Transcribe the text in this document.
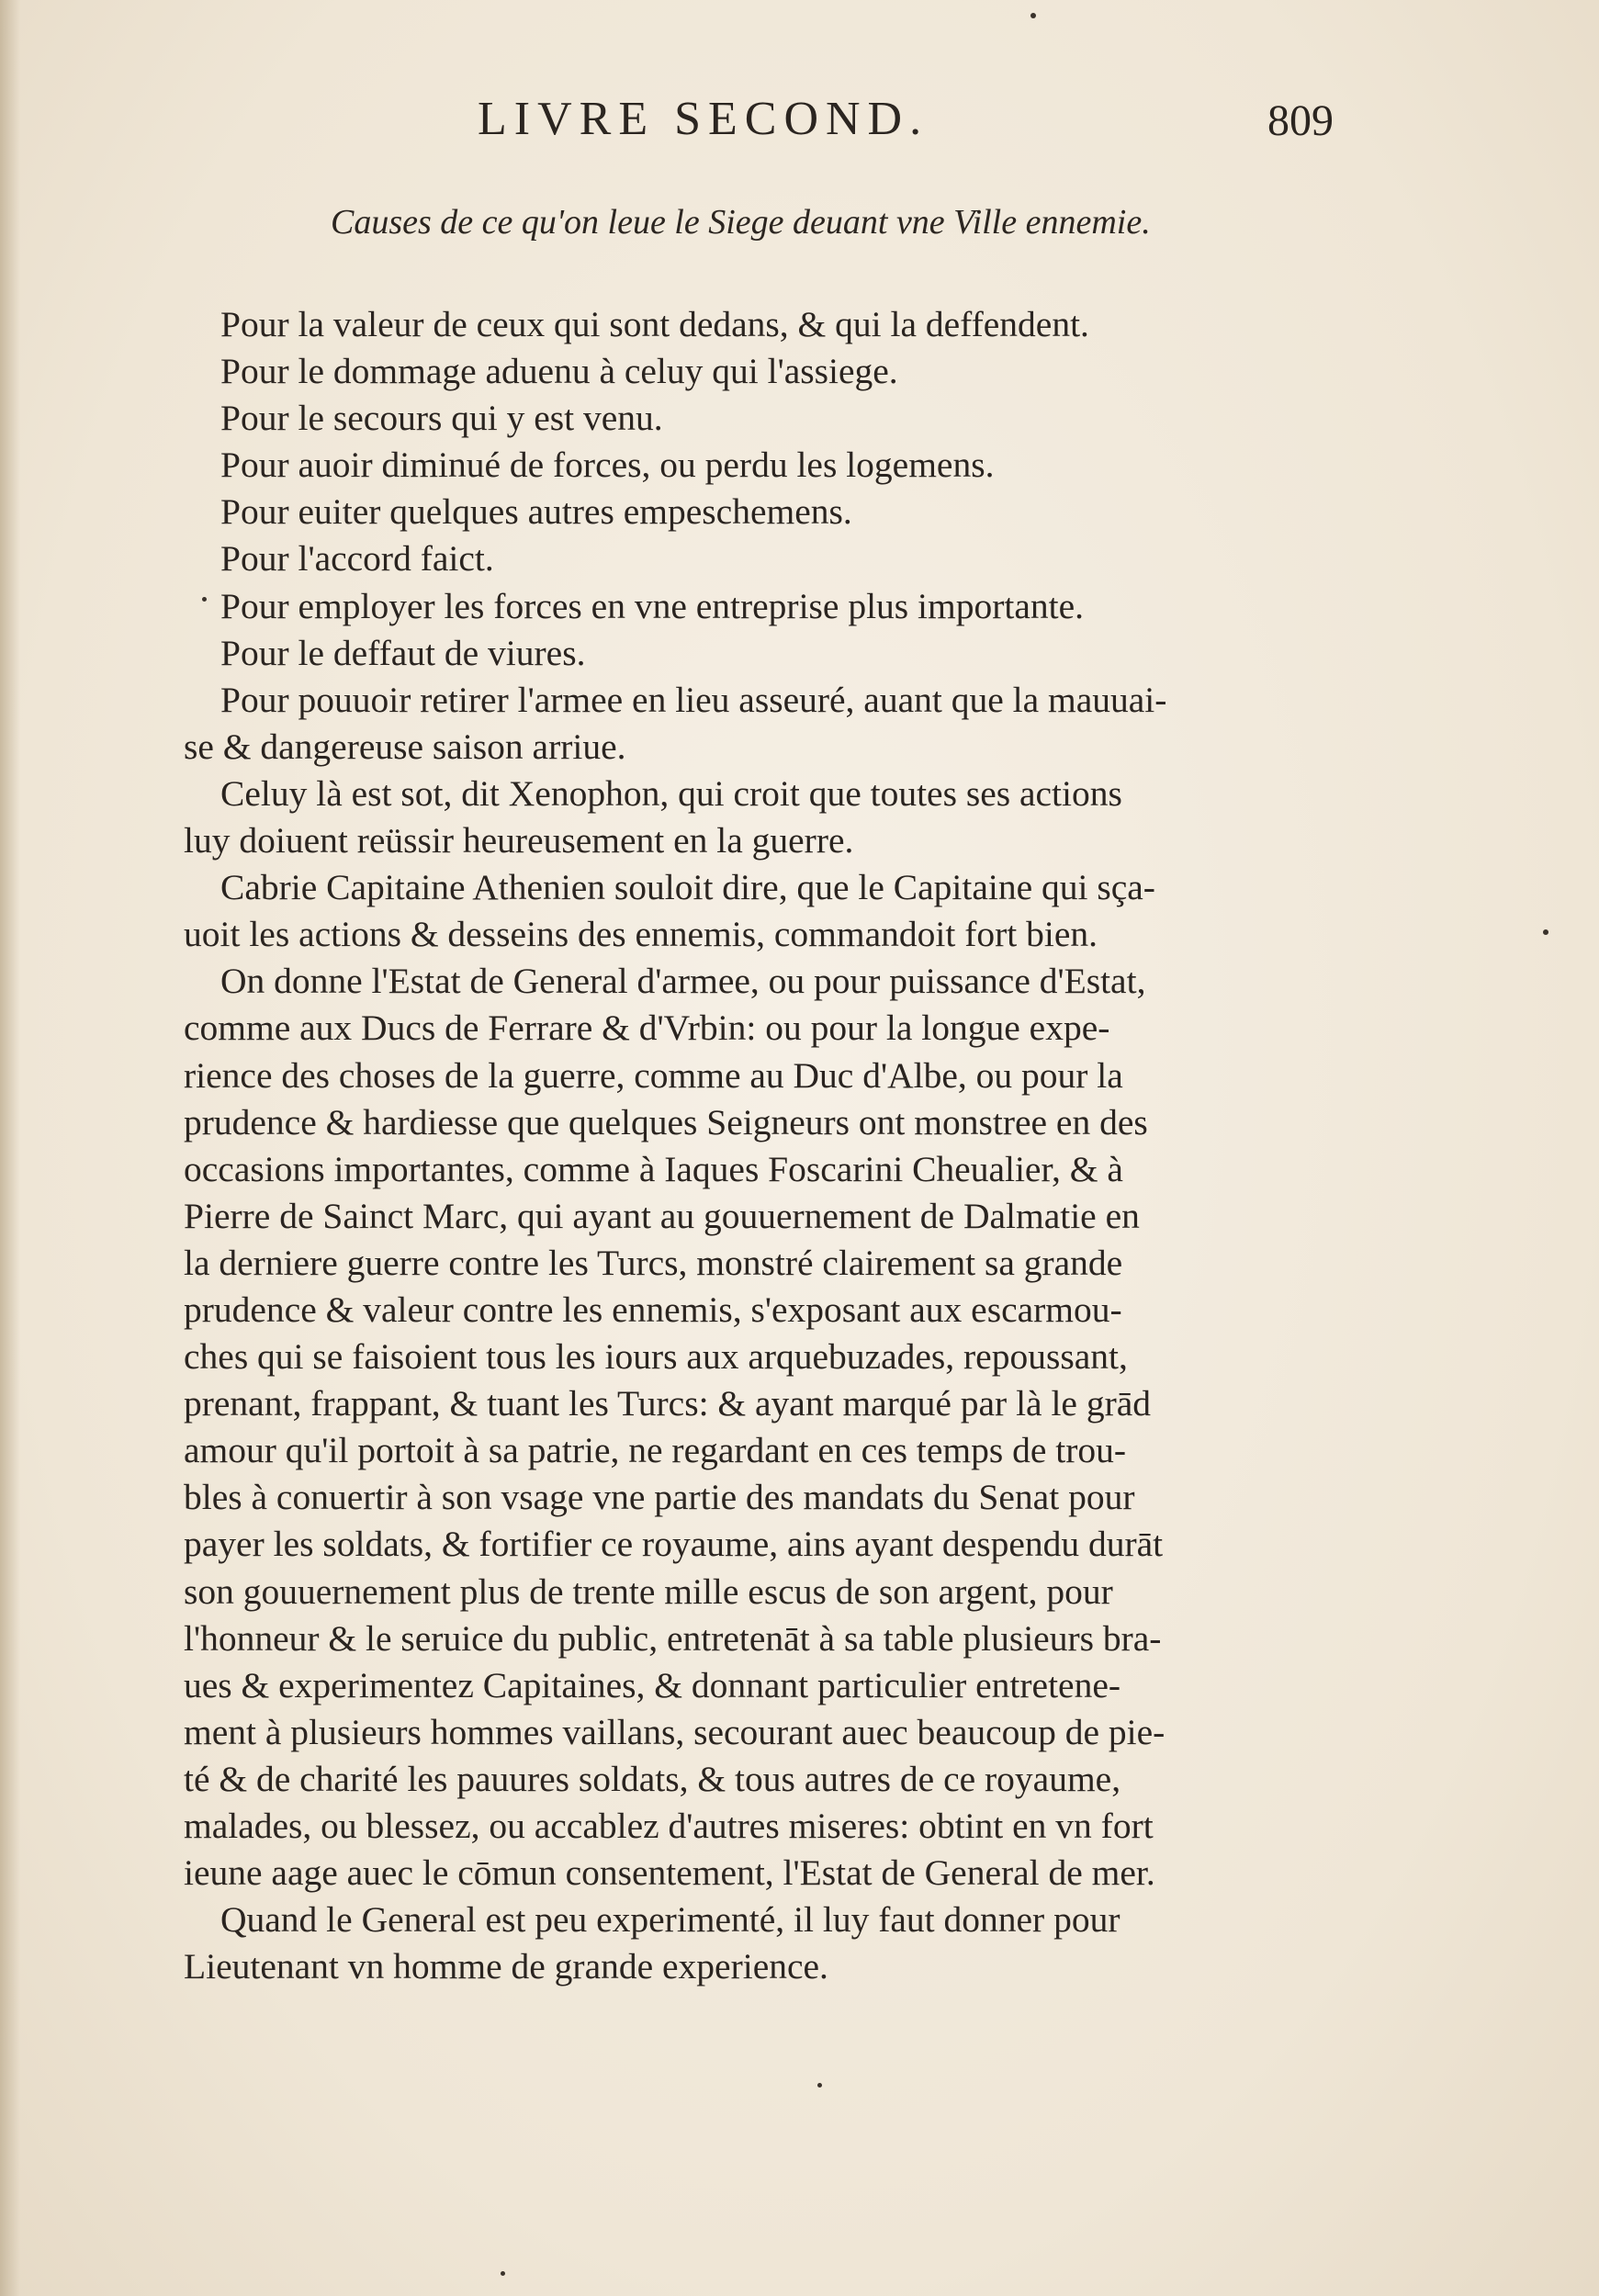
LIVRE SECOND.	809
Causes de ce qu'on leue le Siege deuant vne Ville ennemie.
Pour la valeur de ceux qui sont dedans, & qui la deffendent.
Pour le dommage aduenu à celuy qui l'assiege.
Pour le secours qui y est venu.
Pour auoir diminué de forces, ou perdu les logemens.
Pour euiter quelques autres empeschemens.
Pour l'accord faict.
Pour employer les forces en vne entreprise plus importante.
Pour le deffaut de viures.
Pour pouuoir retirer l'armee en lieu asseuré, auant que la mauuai-
se & dangereuse saison arriue.
Celuy là est sot, dit Xenophon, qui croit que toutes ses actions
luy doiuent reüssir heureusement en la guerre.
Cabrie Capitaine Athenien souloit dire, que le Capitaine qui sça-
uoit les actions & desseins des ennemis, commandoit fort bien.
On donne l'Estat de General d'armee, ou pour puissance d'Estat,
comme aux Ducs de Ferrare & d'Vrbin: ou pour la longue expe-
rience des choses de la guerre, comme au Duc d'Albe, ou pour la
prudence & hardiesse que quelques Seigneurs ont monstree en des
occasions importantes, comme à Iaques Foscarini Cheualier, & à
Pierre de Sainct Marc, qui ayant au gouuernement de Dalmatie en
la derniere guerre contre les Turcs, monstré clairement sa grande
prudence & valeur contre les ennemis, s'exposant aux escarmou-
ches qui se faisoient tous les iours aux arquebuzades, repoussant,
prenant, frappant, & tuant les Turcs: & ayant marqué par là le grād
amour qu'il portoit à sa patrie, ne regardant en ces temps de trou-
bles à conuertir à son vsage vne partie des mandats du Senat pour
payer les soldats, & fortifier ce royaume, ains ayant despendu durāt
son gouuernement plus de trente mille escus de son argent, pour
l'honneur & le seruice du public, entretenāt à sa table plusieurs bra-
ues & experimentez Capitaines, & donnant particulier entretene-
ment à plusieurs hommes vaillans, secourant auec beaucoup de pie-
té & de charité les pauures soldats, & tous autres de ce royaume,
malades, ou blessez, ou accablez d'autres miseres: obtint en vn fort
ieune aage auec le cōmun consentement, l'Estat de General de mer.
Quand le General est peu experimenté, il luy faut donner pour
Lieutenant vn homme de grande experience.
